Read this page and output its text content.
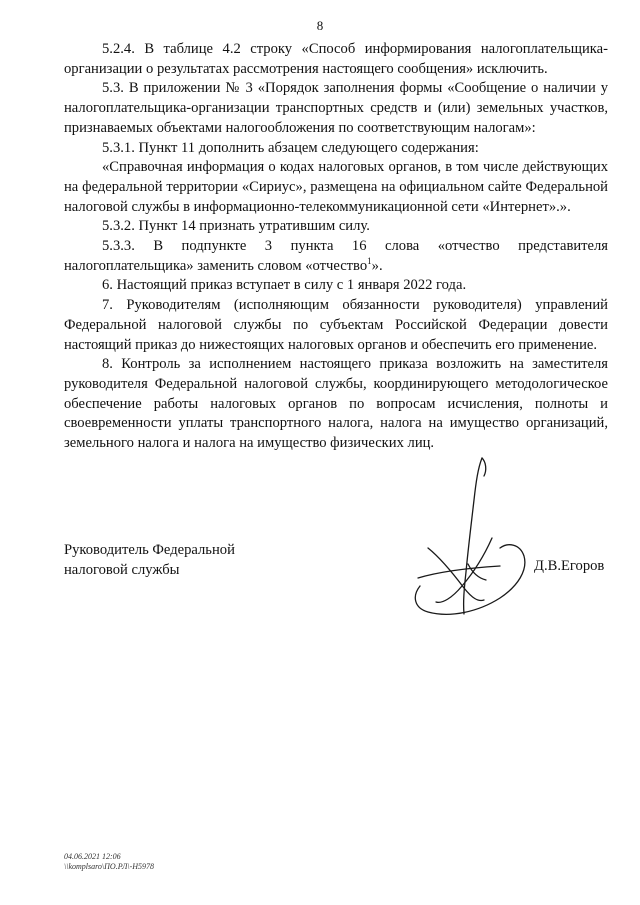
8

5.2.4. В таблице 4.2 строку «Способ информирования налогоплательщика-организации о результатах рассмотрения настоящего сообщения» исключить.

5.3. В приложении № 3 «Порядок заполнения формы «Сообщение о наличии у налогоплательщика-организации транспортных средств и (или) земельных участков, признаваемых объектами налогообложения по соответствующим налогам»:

5.3.1. Пункт 11 дополнить абзацем следующего содержания:

«Справочная информация о кодах налоговых органов, в том числе действующих на федеральной территории «Сириус», размещена на официальном сайте Федеральной налоговой службы в информационно-телекоммуникационной сети «Интернет».».

5.3.2. Пункт 14 признать утратившим силу.

5.3.3. В подпункте 3 пункта 16 слова «отчество представителя налогоплательщика» заменить словом «отчество$^1$».

6. Настоящий приказ вступает в силу с 1 января 2022 года.

7. Руководителям (исполняющим обязанности руководителя) управлений Федеральной налоговой службы по субъектам Российской Федерации довести настоящий приказ до нижестоящих налоговых органов и обеспечить его применение.

8. Контроль за исполнением настоящего приказа возложить на заместителя руководителя Федеральной налоговой службы, координирующего методологическое обеспечение работы налоговых органов по вопросам исчисления, полноты и своевременности уплаты транспортного налога, налога на имущество организаций, земельного налога и налога на имущество физических лиц.

Руководитель Федеральной
налоговой службы	Д.В.Егоров
04.06.2021 12:06
\\komplsaro\ПО.РЛ\-Н5978
